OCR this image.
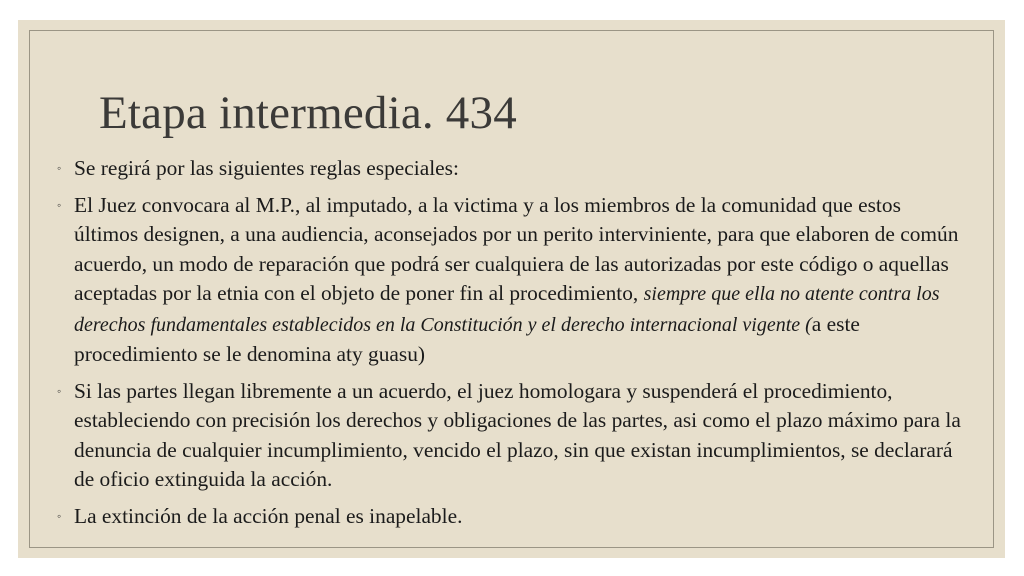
Etapa intermedia. 434
◦ Se regirá por las siguientes reglas especiales:
◦ El Juez convocara al M.P., al imputado, a la victima y a los miembros de la comunidad que estos últimos designen, a una audiencia, aconsejados por un perito interviniente, para que elaboren de común acuerdo, un modo de reparación que podrá ser cualquiera de las autorizadas por este código o aquellas aceptadas por la etnia con el objeto de poner fin al procedimiento, siempre que ella no atente contra los derechos fundamentales establecidos en la Constitución y el derecho internacional vigente (a este procedimiento se le denomina aty guasu)
◦ Si las partes llegan libremente a un acuerdo, el juez homologara y suspenderá el procedimiento, estableciendo con precisión los derechos y obligaciones de las partes, asi como el plazo máximo para la denuncia de cualquier incumplimiento, vencido el plazo, sin que existan incumplimientos, se declarará de oficio extinguida la acción.
◦ La extinción de la acción penal es inapelable.
